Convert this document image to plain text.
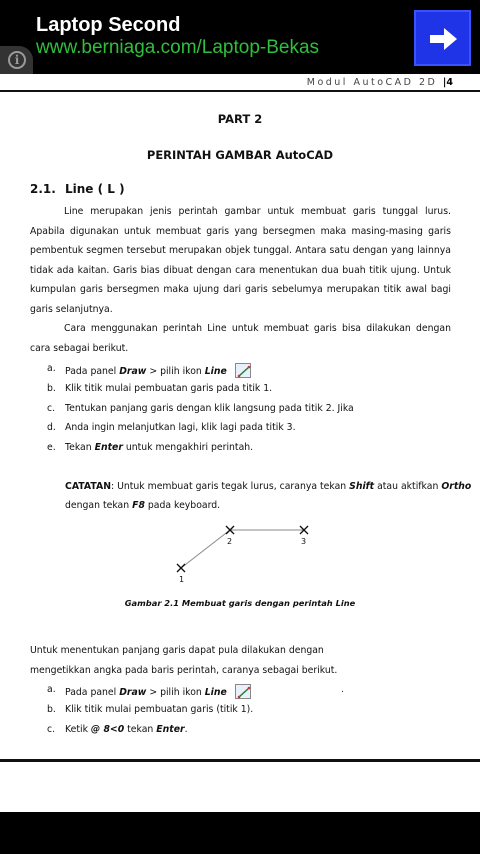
Laptop Second
www.berniaga.com/Laptop-Bekas
i
Modul AutoCAD 2D |4
PART 2
PERINTAH GAMBAR AutoCAD
2.1. Line ( L )
Line merupakan jenis perintah gambar untuk membuat garis tunggal lurus. Apabila digunakan untuk membuat garis yang bersegmen maka masing-masing garis pembentuk segmen tersebut merupakan objek tunggal. Antara satu dengan yang lainnya tidak ada kaitan. Garis bias dibuat dengan cara menentukan dua buah titik ujung. Untuk kumpulan garis bersegmen maka ujung dari garis sebelumya merupakan titik awal bagi garis selanjutnya.
Cara menggunakan perintah Line untuk membuat garis bisa dilakukan dengan cara sebagai berikut.
a. Pada panel Draw > pilih ikon Line
b. Klik titik mulai pembuatan garis pada titik 1.
c. Tentukan panjang garis dengan klik langsung pada titik 2. Jika
d. Anda ingin melanjutkan lagi, klik lagi pada titik 3.
e. Tekan Enter untuk mengakhiri perintah.
CATATAN: Untuk membuat garis tegak lurus, caranya tekan Shift atau aktifkan Ortho
dengan tekan F8 pada keyboard.
1
2	3
Gambar 2.1 Membuat garis dengan perintah Line
Untuk menentukan panjang garis dapat pula dilakukan dengan
mengetikkan angka pada baris perintah, caranya sebagai berikut.
a. Pada panel Draw > pilih ikon Line	.
b. Klik titik mulai pembuatan garis (titik 1).
c. Ketik @ 8<0 tekan Enter.
